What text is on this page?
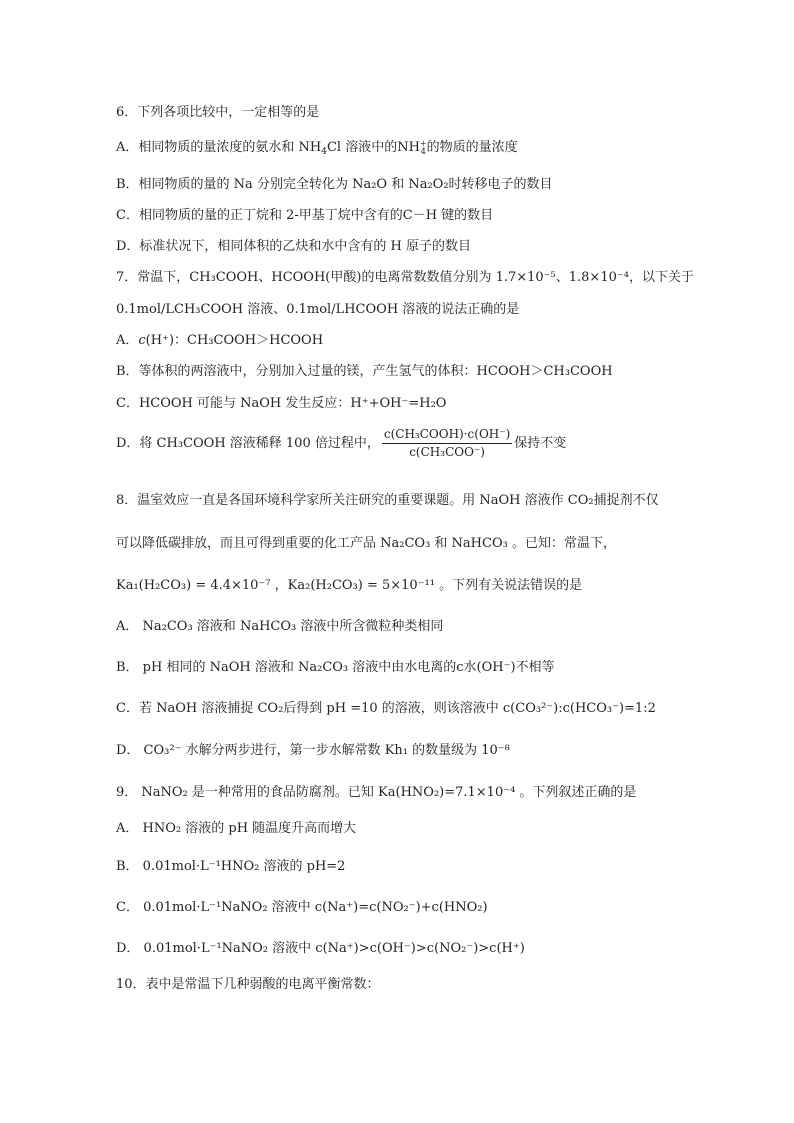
6．下列各项比较中，一定相等的是
A．相同物质的量浓度的氨水和 $NH_4Cl$ 溶液中的NH +
4 的物质的量浓度
B．相同物质的量的 Na 分别完全转化为 Na₂O 和 Na₂O₂时转移电子的数目
C．相同物质的量的正丁烷和 2-甲基丁烷中含有的C－H 键的数目
D．标准状况下，相同体积的乙炔和水中含有的 H 原子的数目
7．常温下，CH₃COOH、HCOOH(甲酸)的电离常数数值分别为 1.7×10⁻⁵、1.8×10⁻⁴，以下关于
0.1mol/LCH₃COOH 溶液、0.1mol/LHCOOH 溶液的说法正确的是
A．c(H⁺)：CH₃COOH＞HCOOH
B．等体积的两溶液中，分别加入过量的镁，产生氢气的体积：HCOOH＞CH₃COOH
C．HCOOH 可能与 NaOH 发生反应：H⁺+OH⁻=H₂O
D．将 CH₃COOH 溶液稀释 100 倍过程中， $\frac{\text{c(CH₃COOH)·c(OH⁻)}}{\text{c(CH₃COO⁻)}}$ 保持不变
8．温室效应一直是各国环境科学家所关注研究的重要课题。用 NaOH 溶液作 CO₂捕捉剂不仅
可以降低碳排放，而且可得到重要的化工产品 Na₂CO₃ 和 NaHCO₃ 。已知：常温下，
Ka₁(H₂CO₃) = 4.4×10⁻⁷ ，Ka₂(H₂CO₃) = 5×10⁻¹¹ 。下列有关说法错误的是
A． Na₂CO₃ 溶液和 NaHCO₃ 溶液中所含微粒种类相同
B． pH 相同的 NaOH 溶液和 Na₂CO₃ 溶液中由水电离的c水(OH⁻)不相等
C．若 NaOH 溶液捕捉 CO₂后得到 pH =10 的溶液，则该溶液中 c(CO₃²⁻):c(HCO₃⁻)=1:2
D． CO₃²⁻ 水解分两步进行，第一步水解常数 Kh₁ 的数量级为 10⁻⁸
9． NaNO₂ 是一种常用的食品防腐剂。已知 Ka(HNO₂)=7.1×10⁻⁴ 。下列叙述正确的是
A． HNO₂ 溶液的 pH 随温度升高而增大
B． 0.01mol·L⁻¹HNO₂ 溶液的 pH=2
C． 0.01mol·L⁻¹NaNO₂ 溶液中 c(Na⁺)=c(NO₂⁻)+c(HNO₂)
D． 0.01mol·L⁻¹NaNO₂ 溶液中 c(Na⁺)>c(OH⁻)>c(NO₂⁻)>c(H⁺)
10．表中是常温下几种弱酸的电离平衡常数：
